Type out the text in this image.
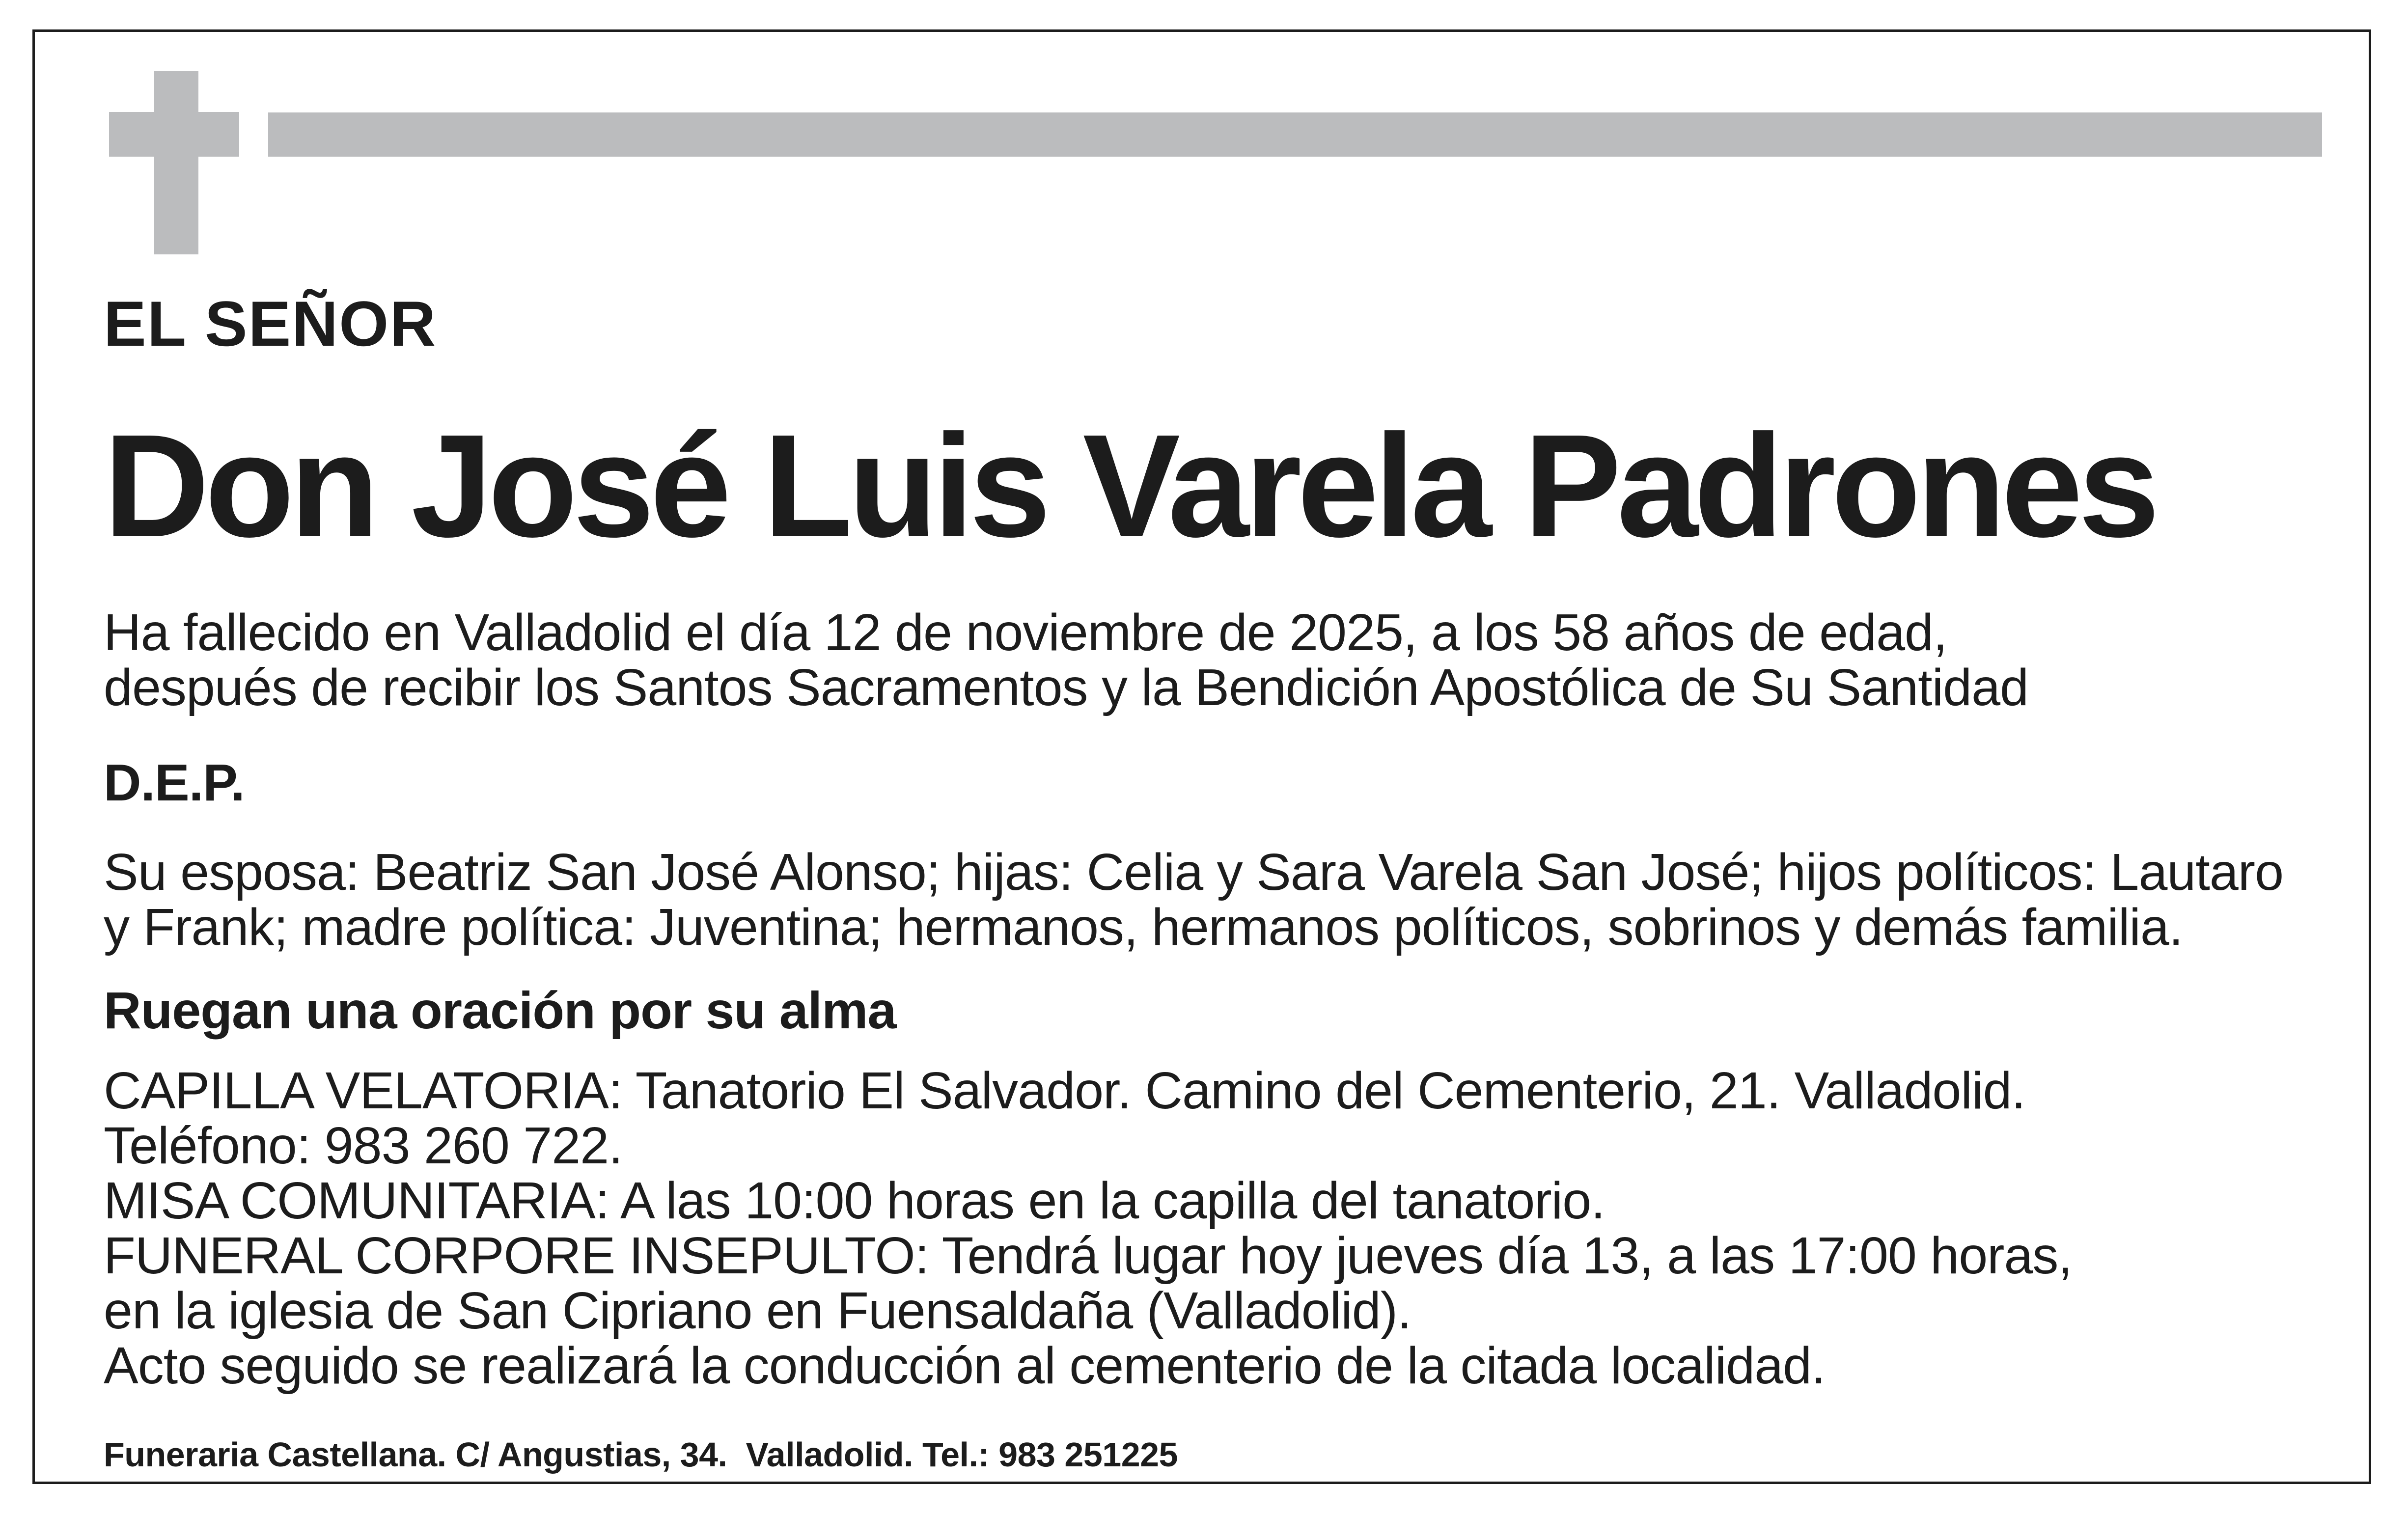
EL SEÑOR

Don José Luis Varela Padrones
Ha fallecido en Valladolid el día 12 de noviembre de 2025, a los 58 años de edad,
después de recibir los Santos Sacramentos y la Bendición Apostólica de Su Santidad

D.E.P.

Su esposa: Beatriz San José Alonso; hijas: Celia y Sara Varela San José; hijos políticos: Lautaro
y Frank; madre política: Juventina; hermanos, hermanos políticos, sobrinos y demás familia.

Ruegan una oración por su alma

CAPILLA VELATORIA: Tanatorio El Salvador. Camino del Cementerio, 21. Valladolid.
Teléfono: 983 260 722.
MISA COMUNITARIA: A las 10:00 horas en la capilla del tanatorio.
FUNERAL CORPORE INSEPULTO: Tendrá lugar hoy jueves día 13, a las 17:00 horas,
en la iglesia de San Cipriano en Fuensaldaña (Valladolid).
Acto seguido se realizará la conducción al cementerio de la citada localidad.

Funeraria Castellana. C/ Angustias, 34. Valladolid. Tel.: 983 251225
